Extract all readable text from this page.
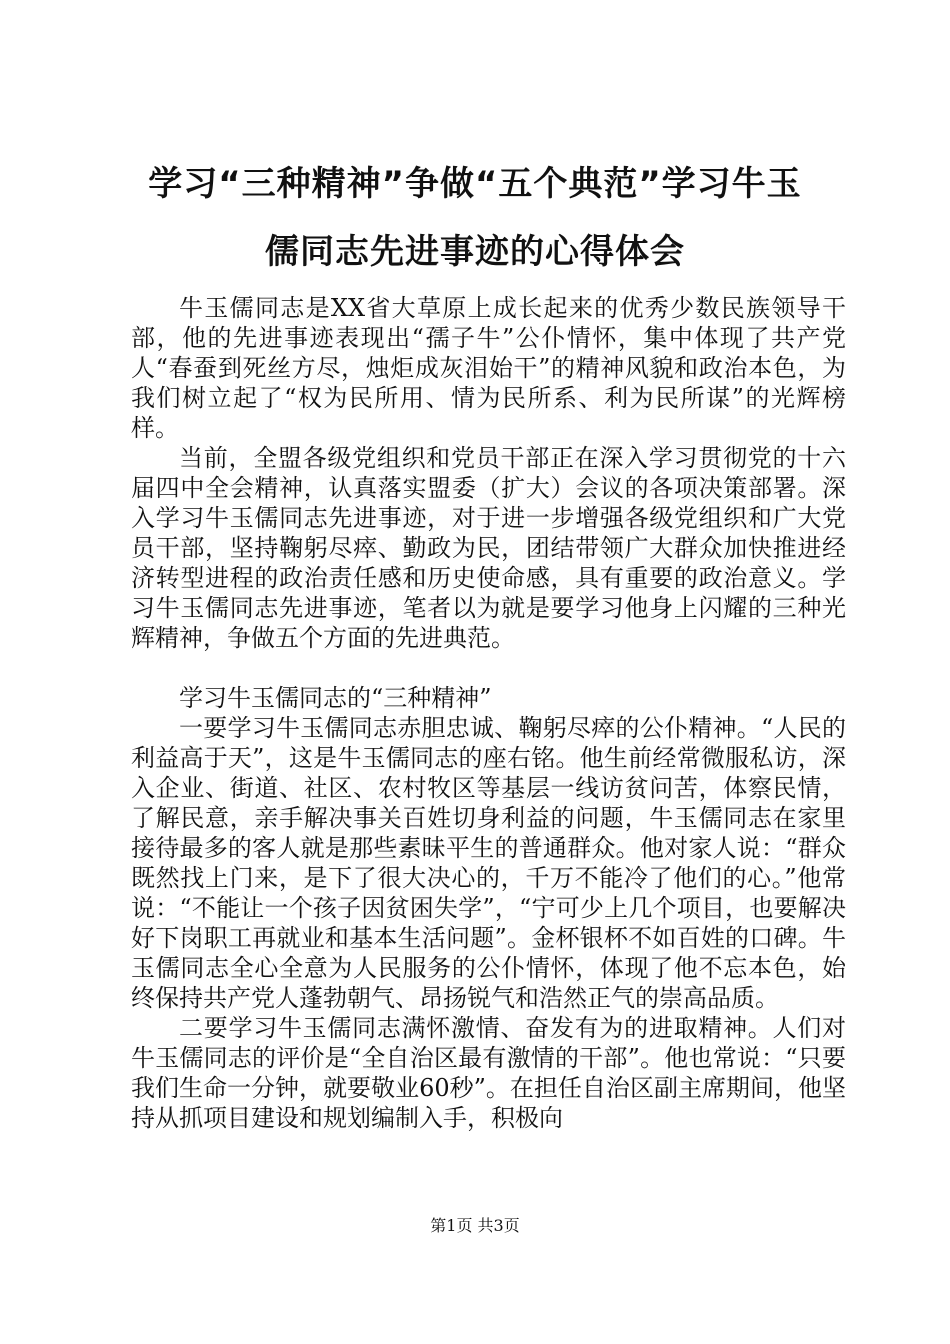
学习“三种精神”争做“五个典范”学习牛玉
儒同志先进事迹的心得体会

牛玉儒同志是XX省大草原上成长起来的优秀少数民族领导干部，他的先进事迹表现出“孺子牛”公仆情怀，集中体现了共产党人“春蚕到死丝方尽，烛炬成灰泪始干”的精神风貌和政治本色，为我们树立起了“权为民所用、情为民所系、利为民所谋”的光辉榜样。

当前，全盟各级党组织和党员干部正在深入学习贯彻党的十六届四中全会精神，认真落实盟委（扩大）会议的各项决策部署。深入学习牛玉儒同志先进事迹，对于进一步增强各级党组织和广大党员干部，坚持鞠躬尽瘁、勤政为民，团结带领广大群众加快推进经济转型进程的政治责任感和历史使命感，具有重要的政治意义。学习牛玉儒同志先进事迹，笔者以为就是要学习他身上闪耀的三种光辉精神，争做五个方面的先进典范。

学习牛玉儒同志的“三种精神”

一要学习牛玉儒同志赤胆忠诚、鞠躬尽瘁的公仆精神。“人民的利益高于天”，这是牛玉儒同志的座右铭。他生前经常微服私访，深入企业、街道、社区、农村牧区等基层一线访贫问苦，体察民情，了解民意，亲手解决事关百姓切身利益的问题，牛玉儒同志在家里接待最多的客人就是那些素昧平生的普通群众。他对家人说：“群众既然找上门来，是下了很大决心的，千万不能冷了他们的心。”他常说：“不能让一个孩子因贫困失学”，“宁可少上几个项目，也要解决好下岗职工再就业和基本生活问题”。金杯银杯不如百姓的口碑。牛玉儒同志全心全意为人民服务的公仆情怀，体现了他不忘本色，始终保持共产党人蓬勃朝气、昂扬锐气和浩然正气的崇高品质。

二要学习牛玉儒同志满怀激情、奋发有为的进取精神。人们对牛玉儒同志的评价是“全自治区最有激情的干部”。他也常说：“只要我们生命一分钟，就要敬业60秒”。在担任自治区副主席期间，他坚持从抓项目建设和规划编制入手，积极向

第1页 共3页
